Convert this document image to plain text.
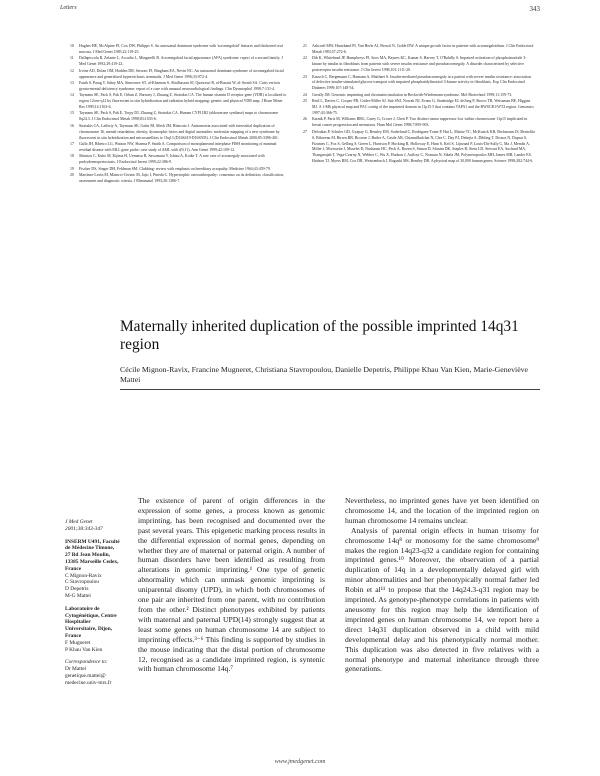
Letters	343
10 Hughes HE, McAlpine PJ, Cox DW, Philipps S. An autosomal dominant syndrome with 'acromegaloid' features and thickened oral mucosa. J Med Genet 1985;22:119-25.
11 Dallapiccola B, Zelante L, Accadia L, Mingarelli R. Acromegaloid facial appearance (AFA) syndrome: report of a second family. J Med Genet 1992;29:419-22.
12 Irvine AD, Dolan OM, Hadden DR, Stewart FJ, Bingham EA, Nevin NC. An autosomal dominant syndrome of acromegaloid facial appearance and generalised hypertrichosis terminalis. J Med Genet 1996;33:972-4.
13 Fanib S, Parag T, Sabry MA, Simeonov ST, al-Khaenan S, Abulhassan SJ, Quasrawi B, al-Busairi W, al-Awadi SA. Cutis verticis gyrata-mental deficiency syndrome: report of a case with unusual neuroradiological findings. Clin Dysmorphol 1998;7:131-4.
14 Taymans SE, Pack S, Pak E, Orban Z, Barsony J, Zhuang Z, Stratakis CA. The human vitamin D receptor gene (VDR) is localized to region 12cen-q12 by fluorescent in situ hybridization and radiation hybrid mapping: genetic and physical VDR map. J Bone Miner Res 1999;14:1163-6.
15 Taymans SE, Pack S, Pak E, Torpy DJ, Zhuang Z, Stratakis CA. Human CYP11B2 (aldosterone synthase) maps to chromosome 8q24.3. J Clin Endocrinol Metab 1998;83:1033-6.
16 Stratakis CA, Lafferty A, Taymans SE, Gafni RI, Meck JM, Blancato J. Anisomastia associated with interstitial duplication of chromosome 16, mental retardation, obesity, dysmorphic facies and digital anomalies: molecular mapping of a new syndrome by fluorescent in situ hybridization and microsatellites to 16q13 (D16S419-D16S503). J Clin Endocrinol Metab 2000;85:3396-401.
17 Gallo JH, Ribeiro LG, Watson NW, Sharma P, Smith A. Comparison of monoplaneand interphase FISH monitoring of minimal residual disease with MLL gene probe: case study of AML with t(9;11). Ann Genet 1999;42:109-12.
18 Shimizu C, Kubo M, Kijima H, Uematsu R, Sawamura Y, Ishizu A, Koike T. A rare case of acromegaly associated with pachydermoperiostosis. J Endocrinol Invest 1999;22:386-9.
19 Fischer DS, Singer DH, Feldman SM. Clubbing: review with emphasis on hereditary acropathy. Medicine 1964;43:459-79.
20 Martinez-Lavin M, Matucci-Cerinic M, Jajic I, Pineda C. Hypertrophic osteoarthropathy: consensus on its definition, classification, assessment and diagnostic criteria. J Rheumatol 1993;20:1386-7.
21 Ashcraft MW, Hartzband PI, Van Herle AJ, Bersch N, Golde DW. A unique growth factor in patients with acromegaloidism. J Clin Endocrinol Metab 1983;57:272-6.
22 Dib K, Whitehead JP, Humphreys PJ, Soos MA, Baynes KC, Kumar S, Harvey T, O'Rahilly S. Impaired activation of phosphoinositide 3-kinase by insulin in fibroblasts from patients with severe insulin resistance and pseudoacromegaly. A disorder characterized by selective postreceptor insulin resistance. J Clin Invest 1998;101:1111-20.
23 Kausch C, Bergemann C, Hamann A, Matthaei S. Insulin-mediated pseudoacromegaly in a patient with severe insulin resistance: association of defective insulin-stimulated glucose transport with impaired phosphatidylinositol 3-kinase activity in fibroblasts. Exp Clin Endocrinol Diabetes 1999;107:148-54.
24 Greally JM. Genomic imprinting and chromatin insulation in Beckwith-Wiedemann syndrome. Mol Biotechnol 1999;11:159-73.
25 Reid L, Davies C, Cooper PR, Crider-Miller SJ, Sait SNJ, Nowak NJ, Evans G, Stanbridge EJ, deJong P, Shows TB, Weissman BE, Higgins MJ. A 1-Mb physical map and PAC contig of the imprinted domain in 11p15.5 that contains TAPA1 and the BWSCR1/WT2 region. Genomics 1997;43:366-75.
26 Karnik P, Paris M, Williams BRG, Casey G, Crowe J, Chen P. Two distinct tumor suppressor loci within chromosome 11p15 implicated in breast cancer progression and metastasis. Hum Mol Genet 1998;7:895-903.
27 Deloukas P, Schuler GD, Gyapay G, Beasley EM, Soderlund C, Rodriguez-Tome P, Hui L, Matise TC, McKusick KB, Beckmann JS, Bentolila S, Bihoreau M, Birren BB, Browne J, Butler A, Castle AB, Chiannilkulchai N, Clee C, Day PJ, Dehejia A, Dibling T, Drouot N, Duprat S, Fizames C, Fox S, Gelling S, Green L, Harrison P, Hocking R, Holloway E, Hunt S, Keil S, Lijnzaad P, Louis-Dit-Sully C, Ma J, Mendis A, Miller J, Morissette J, Muselet D, Nusbaum HC, Peck A, Rozen S, Simon D, Slonim DK, Staples R, Stein LD, Stewart EA, Suchard MA, Thangarajah T, Vega-Czarny N, Webber C, Wu X, Hudson J, Auffray C, Nomura N, Sikela JM, Polymeropoulos MH, James MR, Lander ES, Hudson TJ, Myers RM, Cox DR, Weissenbach J, Boguski MS, Bentley DR. A physical map of 30,000 human genes. Science 1998;282:744-6.
Maternally inherited duplication of the possible imprinted 14q31 region
Cécile Mignon-Ravix, Francine Mugneret, Christiana Stavropoulou, Danielle Depetris, Philippe Khau Van Kien, Marie-Geneviève Mattei
J Med Genet
2001;38:343-347
INSERM U491, Faculté
de Médecine Timone,
27 Bd Jean Moulin,
13385 Marseille Cedex,
France
C Mignon-Ravix
C Stavropoulou
D Depetris
M-G Mattei
Laboratoire de
Cytogénétique, Centre
Hospitalier
Universitaire, Dijon,
France
F Mugneret
P Khau Van Kien
Correspondence to:
Dr Mattei
genetique.mattei@
medecine.univ-mrs.fr

The existence of parent of origin differences in the expression of some genes, a process known as genomic imprinting, has been recognised and documented over the past several years. This epigenetic marking process results in the differential expression of normal genes, depending on whether they are of maternal or paternal origin. A number of human disorders have been identified as resulting from alterations in genomic imprinting.¹ One type of genetic abnormality which can unmask genomic imprinting is uniparental disomy (UPD), in which both chromosomes of one pair are inherited from one parent, with no contribution from the other.² Distinct phenotypes exhibited by patients with maternal and paternal UPD(14) strongly suggest that at least some genes on human chromosome 14 are subject to imprinting effects.³⁻⁶ This finding is supported by studies in the mouse indicating that the distal portion of chromosome 12, recognised as a candidate imprinted region, is syntenic with human chromosome 14q.⁷

Nevertheless, no imprinted genes have yet been identified on chromosome 14, and the location of the imprinted region on human chromosome 14 remains unclear.

Analysis of parental origin effects in human trisomy for chromosome 14q⁸ or monosomy for the same chromosome⁹ makes the region 14q23-q32 a candidate region for containing imprinted genes.¹⁰ Moreover, the observation of a partial duplication of 14q in a developmentally delayed girl with minor abnormalities and her phenotypically normal father led Robin et al¹¹ to propose that the 14q24.3-q31 region may be imprinted. As genotype-phenotype correlations in patients with aneusomy for this region may help the identification of imprinted genes on human chromosome 14, we report here a direct 14q31 duplication observed in a child with mild developmental delay and his phenotypically normal mother. This duplication was also detected in five relatives with a normal phenotype and maternal inheritance through three generations.

www.jmedgenet.com
